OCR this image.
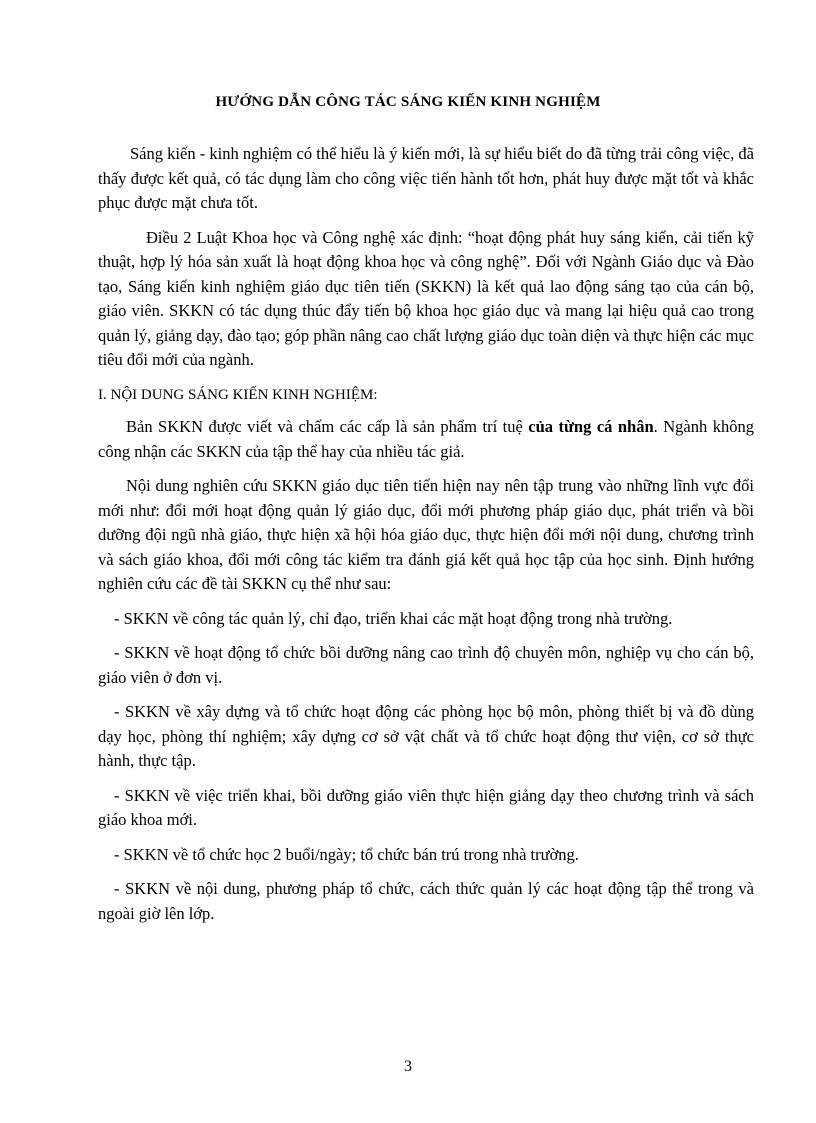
HƯỚNG DẪN CÔNG TÁC SÁNG KIẾN KINH NGHIỆM

Sáng kiến - kinh nghiệm có thể hiểu là ý kiến mới, là sự hiểu biết do đã từng trải công việc, đã thấy được kết quả, có tác dụng làm cho công việc tiến hành tốt hơn, phát huy được mặt tốt và khắc phục được mặt chưa tốt.

Điều 2 Luật Khoa học và Công nghệ xác định: “hoạt động phát huy sáng kiến, cải tiến kỹ thuật, hợp lý hóa sản xuất là hoạt động khoa học và công nghệ”. Đối với Ngành Giáo dục và Đào tạo, Sáng kiến kinh nghiệm giáo dục tiên tiến (SKKN) là kết quả lao động sáng tạo của cán bộ, giáo viên. SKKN có tác dụng thúc đẩy tiến bộ khoa học giáo dục và mang lại hiệu quả cao trong quản lý, giảng dạy, đào tạo; góp phần nâng cao chất lượng giáo dục toàn diện và thực hiện các mục tiêu đổi mới của ngành.

I. NỘI DUNG SÁNG KIẾN KINH NGHIỆM:

Bản SKKN được viết và chấm các cấp là sản phẩm trí tuệ của từng cá nhân. Ngành không công nhận các SKKN của tập thể hay của nhiều tác giả.

Nội dung nghiên cứu SKKN giáo dục tiên tiến hiện nay nên tập trung vào những lĩnh vực đổi mới như: đổi mới hoạt động quản lý giáo dục, đổi mới phương pháp giáo dục, phát triển và bồi dưỡng đội ngũ nhà giáo, thực hiện xã hội hóa giáo dục, thực hiện đổi mới nội dung, chương trình và sách giáo khoa, đổi mới công tác kiểm tra đánh giá kết quả học tập của học sinh. Định hướng nghiên cứu các đề tài SKKN cụ thể như sau:

- SKKN về công tác quản lý, chỉ đạo, triển khai các mặt hoạt động trong nhà trường.

- SKKN về hoạt động tổ chức bồi dưỡng nâng cao trình độ chuyên môn, nghiệp vụ cho cán bộ, giáo viên ở đơn vị.

- SKKN về xây dựng và tổ chức hoạt động các phòng học bộ môn, phòng thiết bị và đồ dùng dạy học, phòng thí nghiệm; xây dựng cơ sở vật chất và tổ chức hoạt động thư viện, cơ sở thực hành, thực tập.

- SKKN về việc triển khai, bồi dưỡng giáo viên thực hiện giảng dạy theo chương trình và sách giáo khoa mới.

- SKKN về tổ chức học 2 buổi/ngày; tổ chức bán trú trong nhà trường.

- SKKN về nội dung, phương pháp tổ chức, cách thức quản lý các hoạt động tập thể trong và ngoài giờ lên lớp.

3
